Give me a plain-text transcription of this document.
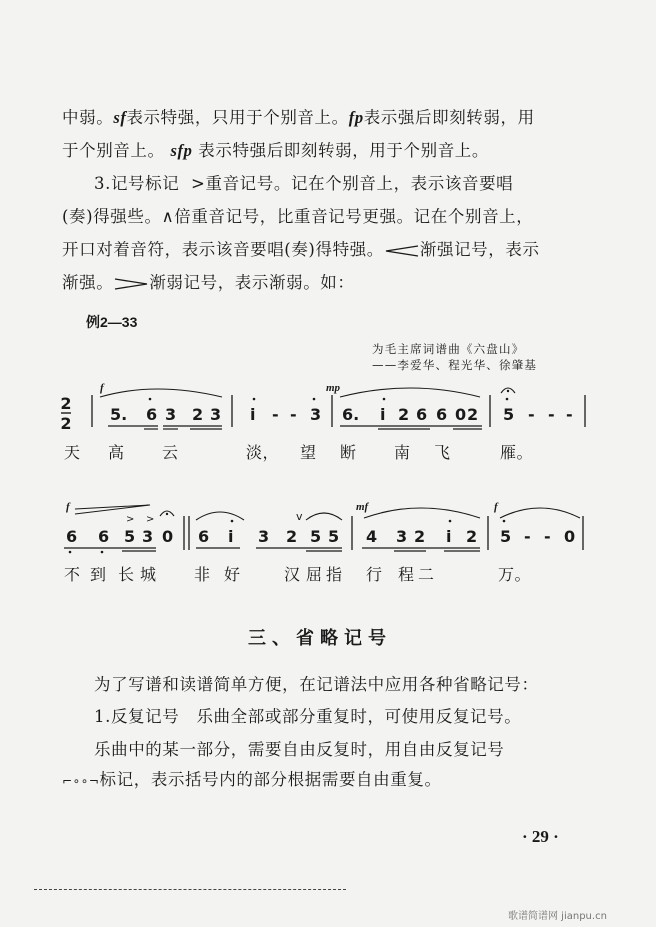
中弱。sf表示特强，只用于个别音上。fp表示强后即刻转弱，用
于个别音上。 sfp 表示特强后即刻转弱，用于个别音上。
3.记号标记 >重音记号。记在个别音上，表示该音要唱
(奏)得强些。∧倍重音记号，比重音记号更强。记在个别音上，
开口对着音符，表示该音要唱(奏)得特强。 渐强记号，表示
渐强。 渐弱记号，表示渐弱。如：
例2—33
为毛主席词谱曲《六盘山》
——李爱华、程光华、徐肇基
2
2
f	mp
5. 6 3 2 3 i - - 3 6. i 2 6 6 0 2 5 - - -
天 高 云	淡， 望 断 南 飞	雁。
f	mf	f
v
> >
6 6 5 3 0 6 i 3 2 5 5 4 3 2 i 2 5 - - 0
不 到 长 城 非 好	汉 屈 指 行 程 二	万。
三、省略记号
为了写谱和读谱简单方便，在记谱法中应用各种省略记号：
1.反复记号　乐曲全部或部分重复时，可使用反复记号。
乐曲中的某一部分，需要自由反复时，用自由反复记号
⌐∘∘¬标记，表示括号内的部分根据需要自由重复。
· 29 ·
歌谱简谱网 jianpu.cn
